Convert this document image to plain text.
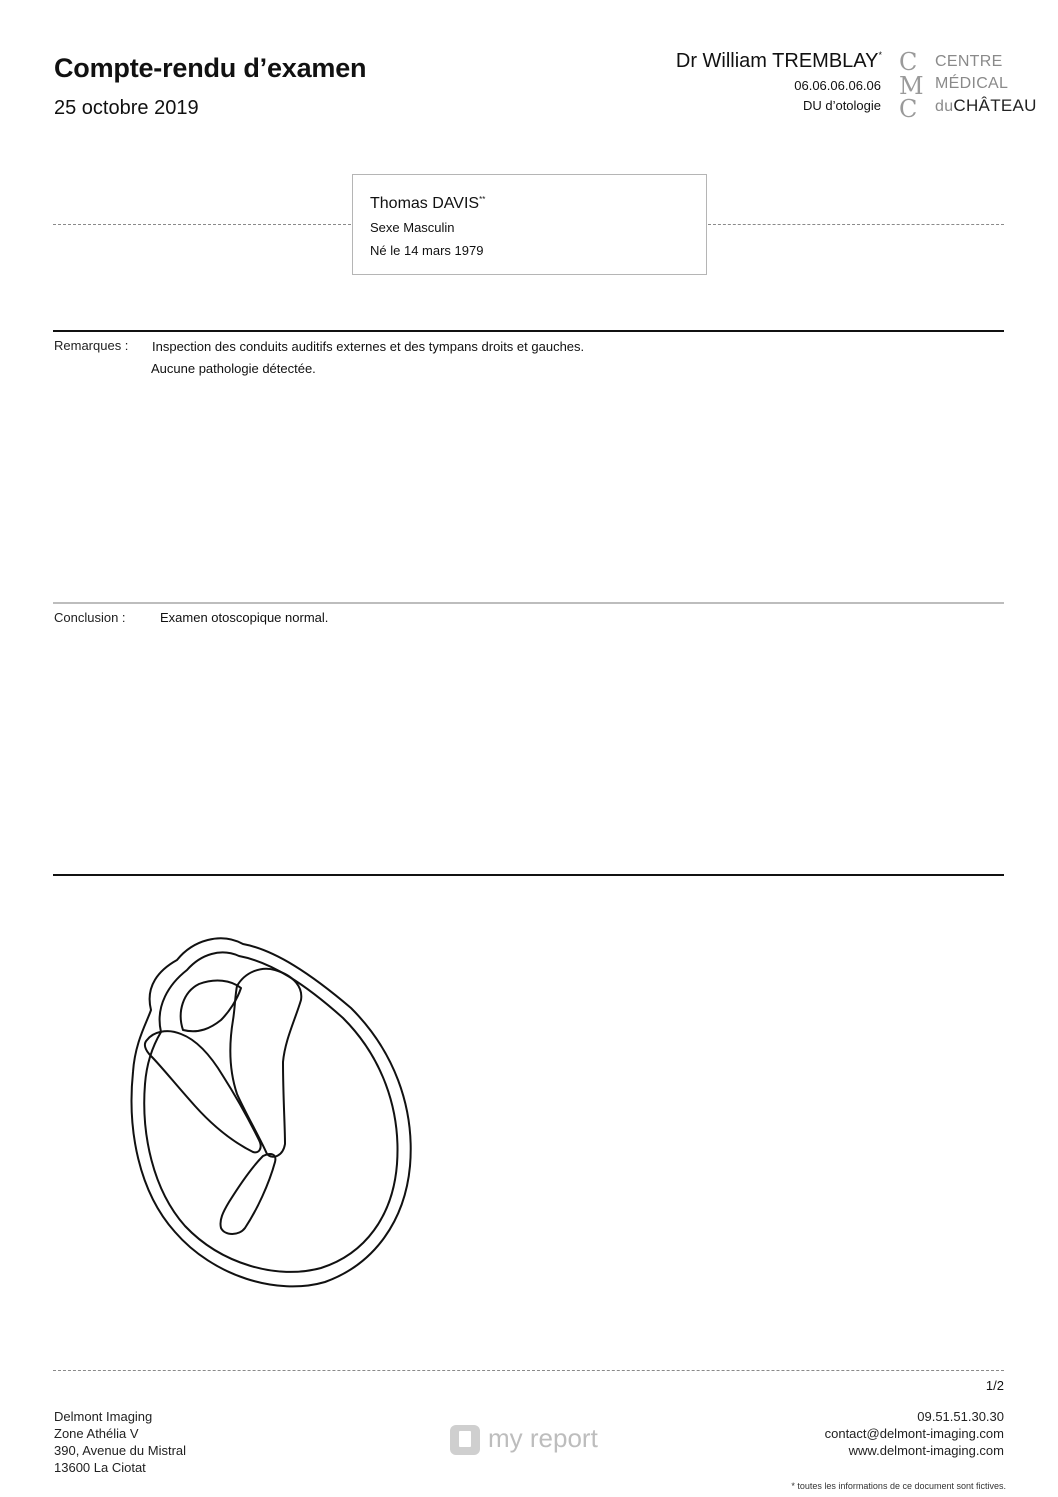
Compte-rendu d’examen
25 octobre 2019
Dr William TREMBLAY*
06.06.06.06.06
DU d’otologie
C
M
C
CENTRE
MÉDICAL
duCHÂTEAU
Thomas DAVIS**
Sexe Masculin
Né le 14 mars 1979
Remarques : Inspection des conduits auditifs externes et des tympans droits et gauches.
Aucune pathologie détectée.
Conclusion :	Examen otoscopique normal.
1/2
Delmont Imaging
Zone Athélia V
390, Avenue du Mistral
13600 La Ciotat
my report
09.51.51.30.30
contact@delmont-imaging.com
www.delmont-imaging.com
* toutes les informations de ce document sont fictives.
